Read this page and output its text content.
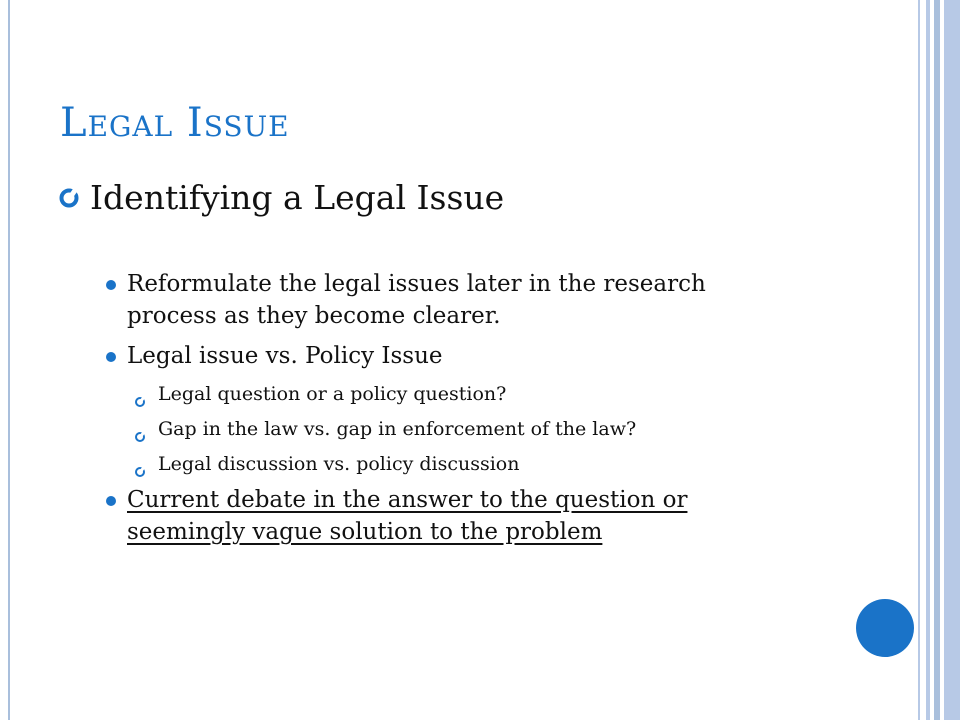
Legal Issue
Identifying a Legal Issue
Reformulate the legal issues later in the research process as they become clearer.
Legal issue vs. Policy Issue
Legal question or a policy question?
Gap in the law vs. gap in enforcement of the law?
Legal discussion vs. policy discussion
Current debate in the answer to the question or seemingly vague solution to the problem
